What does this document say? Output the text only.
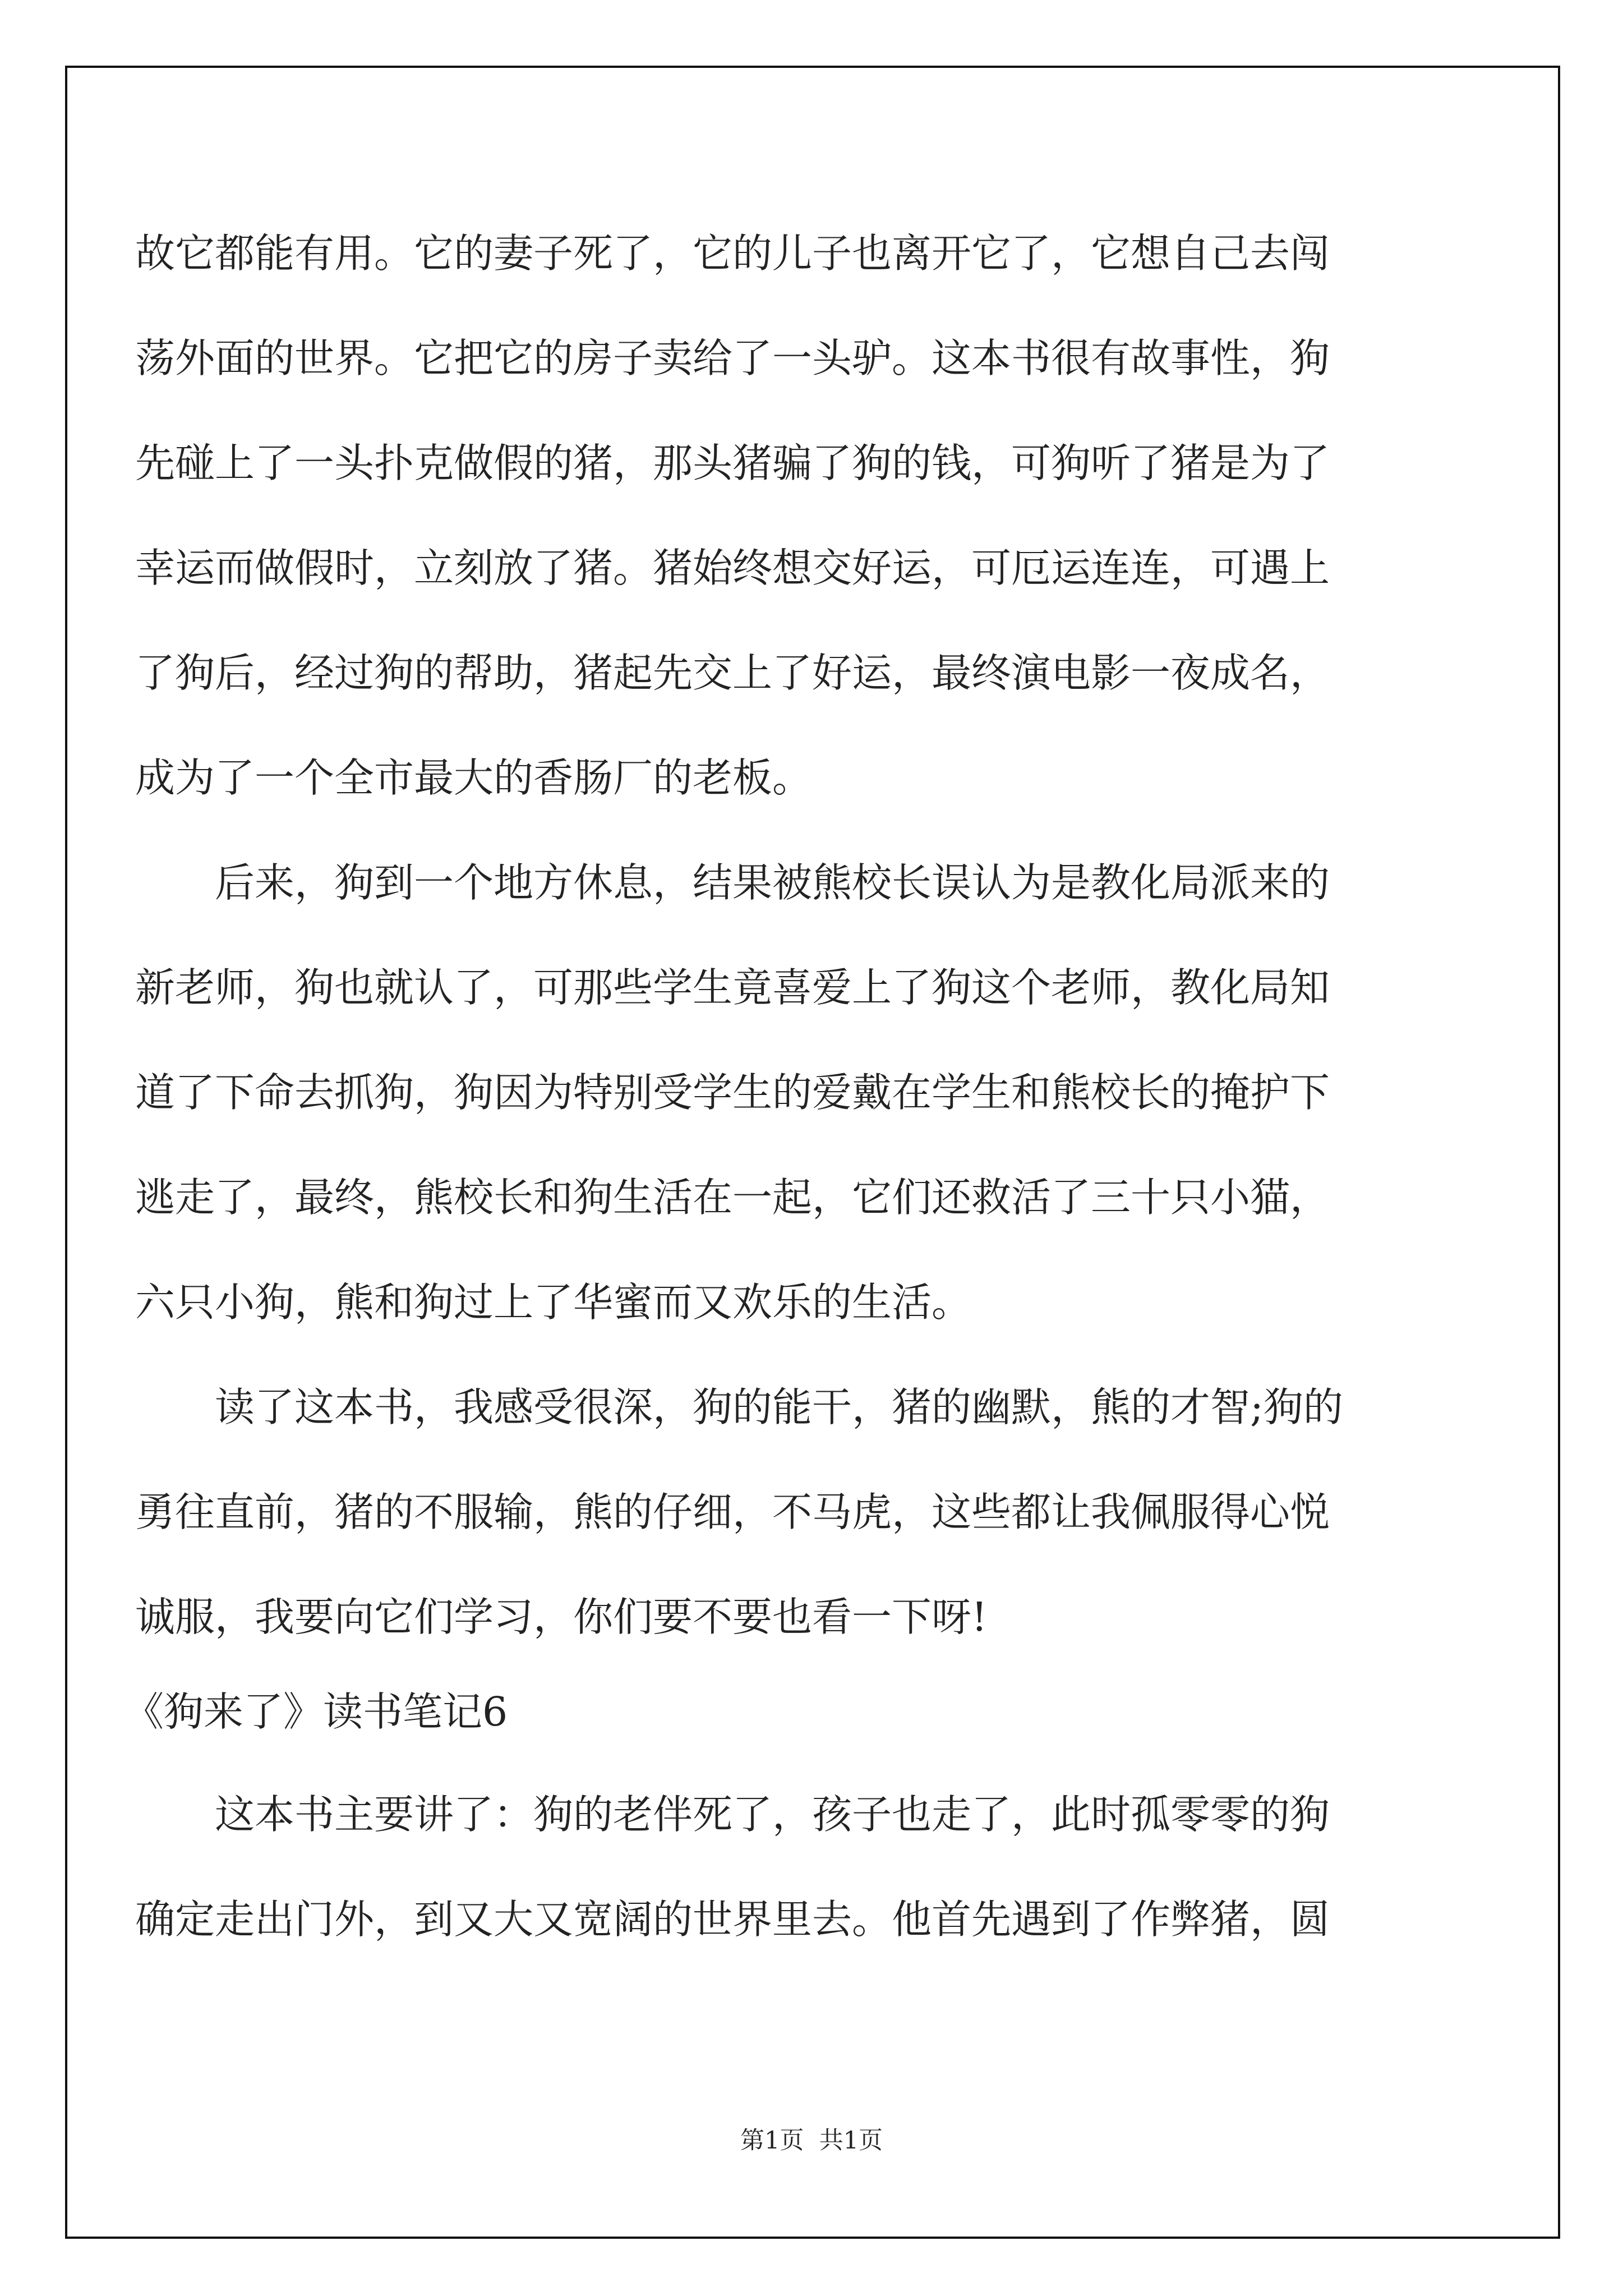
故它都能有用。它的妻子死了，它的儿子也离开它了，它想自己去闯
荡外面的世界。它把它的房子卖给了一头驴。这本书很有故事性，狗
先碰上了一头扑克做假的猪，那头猪骗了狗的钱，可狗听了猪是为了
幸运而做假时，立刻放了猪。猪始终想交好运，可厄运连连，可遇上
了狗后，经过狗的帮助，猪起先交上了好运，最终演电影一夜成名，
成为了一个全市最大的香肠厂的老板。
后来，狗到一个地方休息，结果被熊校长误认为是教化局派来的
新老师，狗也就认了，可那些学生竟喜爱上了狗这个老师，教化局知
道了下命去抓狗，狗因为特别受学生的爱戴在学生和熊校长的掩护下
逃走了，最终，熊校长和狗生活在一起，它们还救活了三十只小猫，
六只小狗，熊和狗过上了华蜜而又欢乐的生活。
读了这本书，我感受很深，狗的能干，猪的幽默，熊的才智;狗的
勇往直前，猪的不服输，熊的仔细，不马虎，这些都让我佩服得心悦
诚服，我要向它们学习，你们要不要也看一下呀!
《狗来了》读书笔记6
这本书主要讲了：狗的老伴死了，孩子也走了，此时孤零零的狗
确定走出门外，到又大又宽阔的世界里去。他首先遇到了作弊猪，圆
第1页  共1页
